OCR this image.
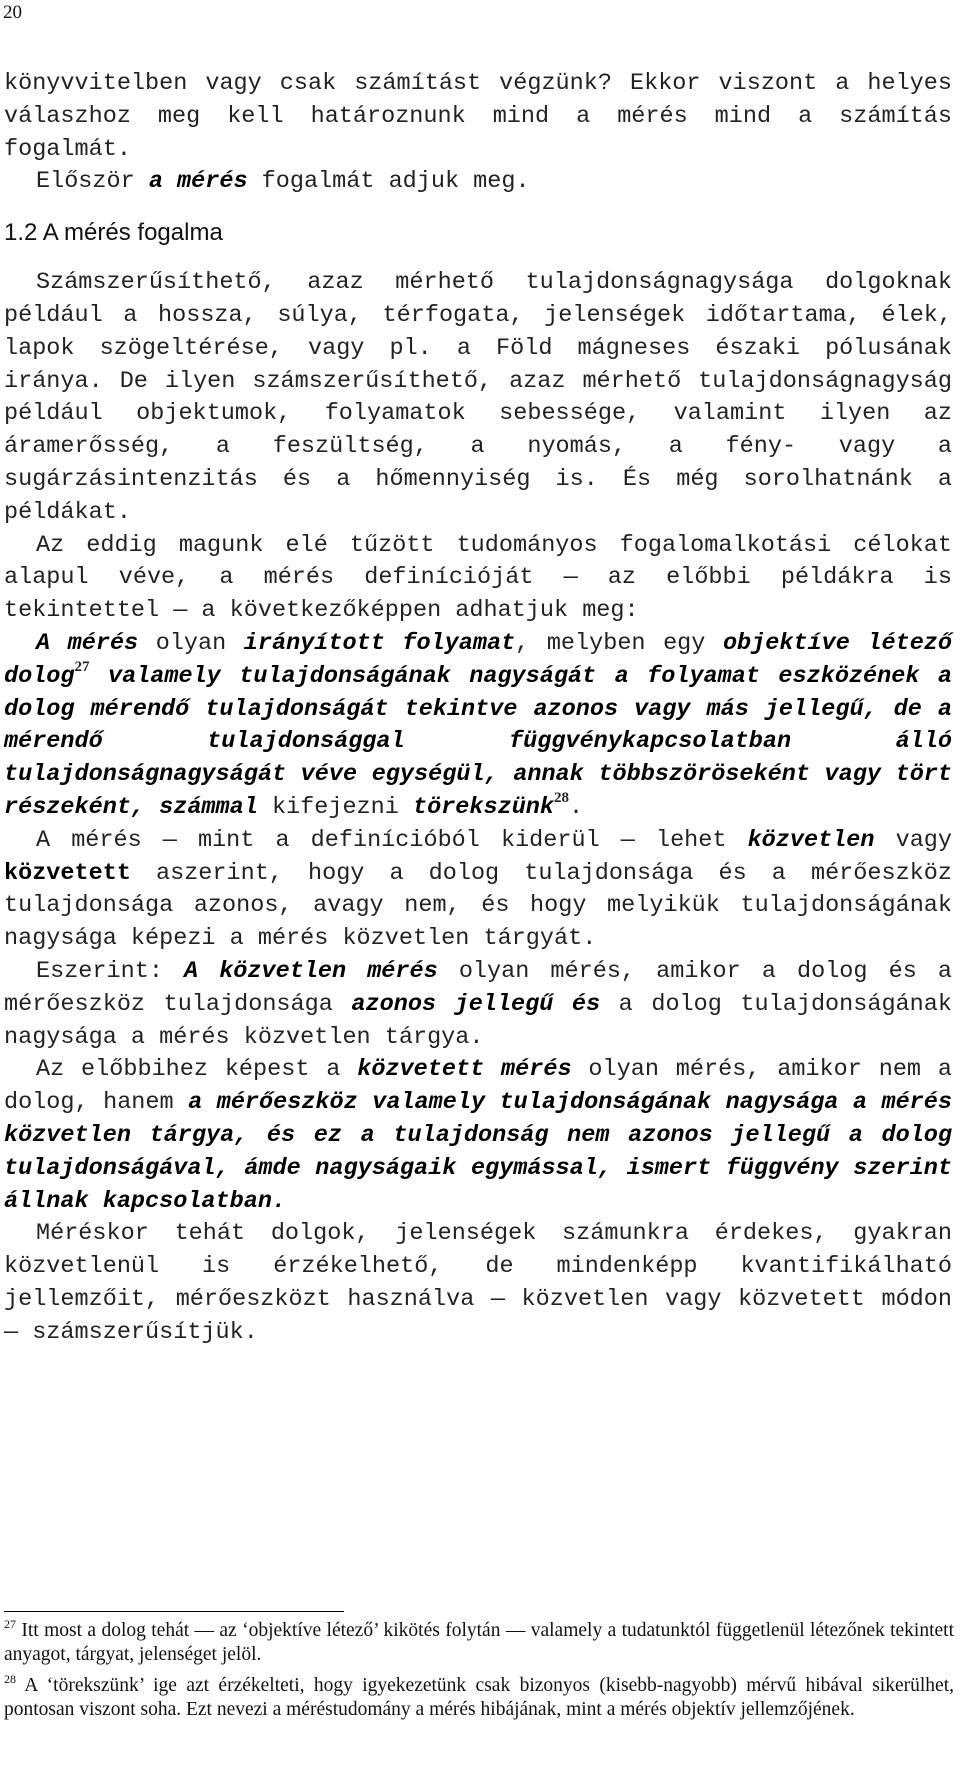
20

könyvvitelben vagy csak számítást végzünk? Ekkor viszont a helyes válaszhoz meg kell határoznunk mind a mérés mind a számítás fogalmát.

Először a mérés fogalmát adjuk meg.

1.2 A mérés fogalma

Számszerűsíthető, azaz mérhető tulajdonságnagysága dolgoknak például a hossza, súlya, térfogata, jelenségek időtartama, élek, lapok szögeltérése, vagy pl. a Föld mágneses északi pólusának iránya. De ilyen számszerűsíthető, azaz mérhető tulajdonságnagyság például objektumok, folyamatok sebessége, valamint ilyen az áramerősség, a feszültség, a nyomás, a fény- vagy a sugárzásintenzitás és a hőmennyiség is. És még sorolhatnánk a példákat.

Az eddig magunk elé tűzött tudományos fogalomalkotási célokat alapul véve, a mérés definícióját — az előbbi példákra is tekintettel — a következőképpen adhatjuk meg:

A mérés olyan irányított folyamat, melyben egy objektíve létező dolog$^{27}$ valamely tulajdonságának nagyságát a folyamat eszközének a dolog mérendő tulajdonságát tekintve azonos vagy más jellegű, de a mérendő tulajdonsággal függvénykapcsolatban álló tulajdonságnagyságát véve egységül, annak többszöröseként vagy tört részeként, számmal kifejezni törekszünk$^{28}$.

A mérés — mint a definícióból kiderül — lehet közvetlen vagy közvetett aszerint, hogy a dolog tulajdonsága és a mérőeszköz tulajdonsága azonos, avagy nem, és hogy melyikük tulajdonságának nagysága képezi a mérés közvetlen tárgyát.

Eszerint: A közvetlen mérés olyan mérés, amikor a dolog és a mérőeszköz tulajdonsága azonos jellegű és a dolog tulajdonságának nagysága a mérés közvetlen tárgya.

Az előbbihez képest a közvetett mérés olyan mérés, amikor nem a dolog, hanem a mérőeszköz valamely tulajdonságának nagysága a mérés közvetlen tárgya, és ez a tulajdonság nem azonos jellegű a dolog tulajdonságával, ámde nagyságaik egymással, ismert függvény szerint állnak kapcsolatban.

Méréskor tehát dolgok, jelenségek számunkra érdekes, gyakran közvetlenül is érzékelhető, de mindenképp kvantifikálható jellemzőit, mérőeszközt használva — közvetlen vagy közvetett módon — számszerűsítjük.

$^{27}$ Itt most a dolog tehát — az ‘objektíve létező’ kikötés folytán — valamely a tudatunktól függetlenül létezőnek tekintett anyagot, tárgyat, jelenséget jelöl.

$^{28}$ A ‘törekszünk’ ige azt érzékelteti, hogy igyekezetünk csak bizonyos (kisebb-nagyobb) mérvű hibával sikerülhet, pontosan viszont soha. Ezt nevezi a méréstudomány a mérés hibájának, mint a mérés objektív jellemzőjének.
